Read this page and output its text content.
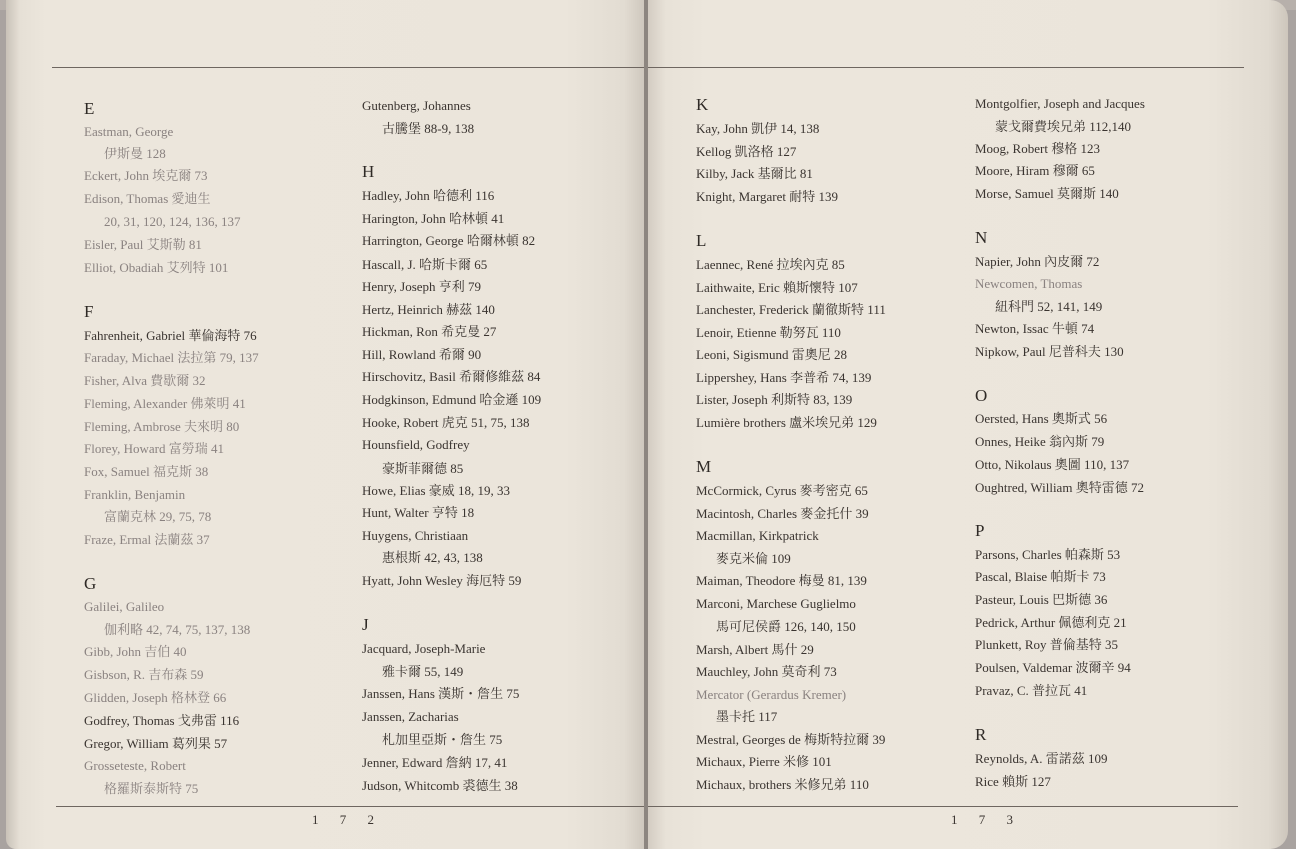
E
Eastman, George
伊斯曼 128
Eckert, John 埃克爾 73
Edison, Thomas 愛迪生
20, 31, 120, 124, 136, 137
Eisler, Paul 艾斯勒 81
Elliot, Obadiah 艾列特 101
F
Fahrenheit, Gabriel 華倫海特 76
Faraday, Michael 法拉第 79, 137
Fisher, Alva 費歇爾 32
Fleming, Alexander 佛萊明 41
Fleming, Ambrose 夫來明 80
Florey, Howard 富勞瑞 41
Fox, Samuel 福克斯 38
Franklin, Benjamin
富蘭克林 29, 75, 78
Fraze, Ermal 法蘭茲 37
G
Galilei, Galileo
伽利略 42, 74, 75, 137, 138
Gibb, John 吉伯 40
Gisbson, R. 吉布森 59
Glidden, Joseph 格林登 66
Godfrey, Thomas 戈弗雷 116
Gregor, William 葛列果 57
Grosseteste, Robert
格羅斯泰斯特 75
Gutenberg, Johannes
古騰堡 88-9, 138
H
Hadley, John 哈德利 116
Harington, John 哈林頓 41
Harrington, George 哈爾林頓 82
Hascall, J. 哈斯卡爾 65
Henry, Joseph 亨利 79
Hertz, Heinrich 赫茲 140
Hickman, Ron 希克曼 27
Hill, Rowland 希爾 90
Hirschovitz, Basil 希爾修維茲 84
Hodgkinson, Edmund 哈金遜 109
Hooke, Robert 虎克 51, 75, 138
Hounsfield, Godfrey
豪斯菲爾德 85
Howe, Elias 豪威 18, 19, 33
Hunt, Walter 亨特 18
Huygens, Christiaan
惠根斯 42, 43, 138
Hyatt, John Wesley 海厄特 59
J
Jacquard, Joseph-Marie
雅卡爾 55, 149
Janssen, Hans 漢斯・詹生 75
Janssen, Zacharias
札加里亞斯・詹生 75
Jenner, Edward 詹納 17, 41
Judson, Whitcomb 裘德生 38
1 7 2
K
Kay, John 凱伊 14, 138
Kellog 凱洛格 127
Kilby, Jack 基爾比 81
Knight, Margaret 耐特 139
L
Laennec, René 拉埃內克 85
Laithwaite, Eric 賴斯懷特 107
Lanchester, Frederick 蘭徹斯特 111
Lenoir, Etienne 勒努瓦 110
Leoni, Sigismund 雷奧尼 28
Lippershey, Hans 李普希 74, 139
Lister, Joseph 利斯特 83, 139
Lumière brothers 盧米埃兄弟 129
M
McCormick, Cyrus 麥考密克 65
Macintosh, Charles 麥金托什 39
Macmillan, Kirkpatrick
麥克米倫 109
Maiman, Theodore 梅曼 81, 139
Marconi, Marchese Guglielmo
馬可尼侯爵 126, 140, 150
Marsh, Albert 馬什 29
Mauchley, John 莫奇利 73
Mercator (Gerardus Kremer)
墨卡托 117
Mestral, Georges de 梅斯特拉爾 39
Michaux, Pierre 米修 101
Michaux, brothers 米修兄弟 110
Montgolfier, Joseph and Jacques
蒙戈爾費埃兄弟 112,140
Moog, Robert 穆格 123
Moore, Hiram 穆爾 65
Morse, Samuel 莫爾斯 140
N
Napier, John 內皮爾 72
Newcomen, Thomas
紐科門 52, 141, 149
Newton, Issac 牛頓 74
Nipkow, Paul 尼普科夫 130
O
Oersted, Hans 奧斯式 56
Onnes, Heike 翁內斯 79
Otto, Nikolaus 奧圖 110, 137
Oughtred, William 奧特雷德 72
P
Parsons, Charles 帕森斯 53
Pascal, Blaise 帕斯卡 73
Pasteur, Louis 巴斯德 36
Pedrick, Arthur 佩德利克 21
Plunkett, Roy 普倫基特 35
Poulsen, Valdemar 波爾辛 94
Pravaz, C. 普拉瓦 41
R
Reynolds, A. 雷諾茲 109
Rice 賴斯 127
1 7 3
